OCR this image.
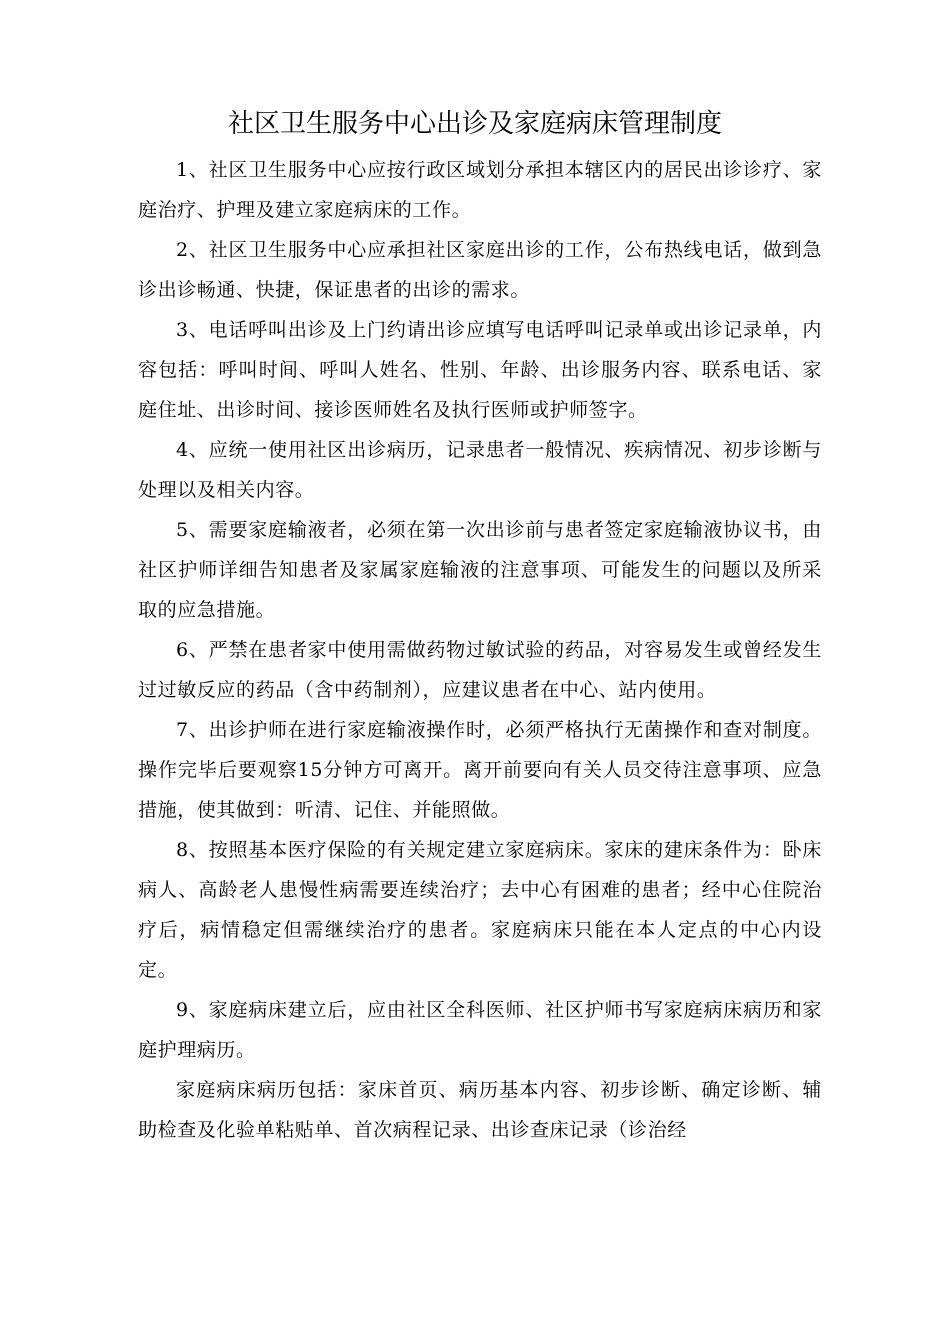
社区卫生服务中心出诊及家庭病床管理制度

1、社区卫生服务中心应按行政区域划分承担本辖区内的居民出诊诊疗、家庭治疗、护理及建立家庭病床的工作。

2、社区卫生服务中心应承担社区家庭出诊的工作，公布热线电话，做到急诊出诊畅通、快捷，保证患者的出诊的需求。

3、电话呼叫出诊及上门约请出诊应填写电话呼叫记录单或出诊记录单，内容包括：呼叫时间、呼叫人姓名、性别、年龄、出诊服务内容、联系电话、家庭住址、出诊时间、接诊医师姓名及执行医师或护师签字。

4、应统一使用社区出诊病历，记录患者一般情况、疾病情况、初步诊断与处理以及相关内容。

5、需要家庭输液者，必须在第一次出诊前与患者签定家庭输液协议书，由社区护师详细告知患者及家属家庭输液的注意事项、可能发生的问题以及所采取的应急措施。

6、严禁在患者家中使用需做药物过敏试验的药品，对容易发生或曾经发生过过敏反应的药品（含中药制剂），应建议患者在中心、站内使用。

7、出诊护师在进行家庭输液操作时，必须严格执行无菌操作和查对制度。操作完毕后要观察15分钟方可离开。离开前要向有关人员交待注意事项、应急措施，使其做到：听清、记住、并能照做。

8、按照基本医疗保险的有关规定建立家庭病床。家床的建床条件为：卧床病人、高龄老人患慢性病需要连续治疗；去中心有困难的患者；经中心住院治疗后，病情稳定但需继续治疗的患者。家庭病床只能在本人定点的中心内设定。

9、家庭病床建立后，应由社区全科医师、社区护师书写家庭病床病历和家庭护理病历。

家庭病床病历包括：家床首页、病历基本内容、初步诊断、确定诊断、辅助检查及化验单粘贴单、首次病程记录、出诊查床记录（诊治经
